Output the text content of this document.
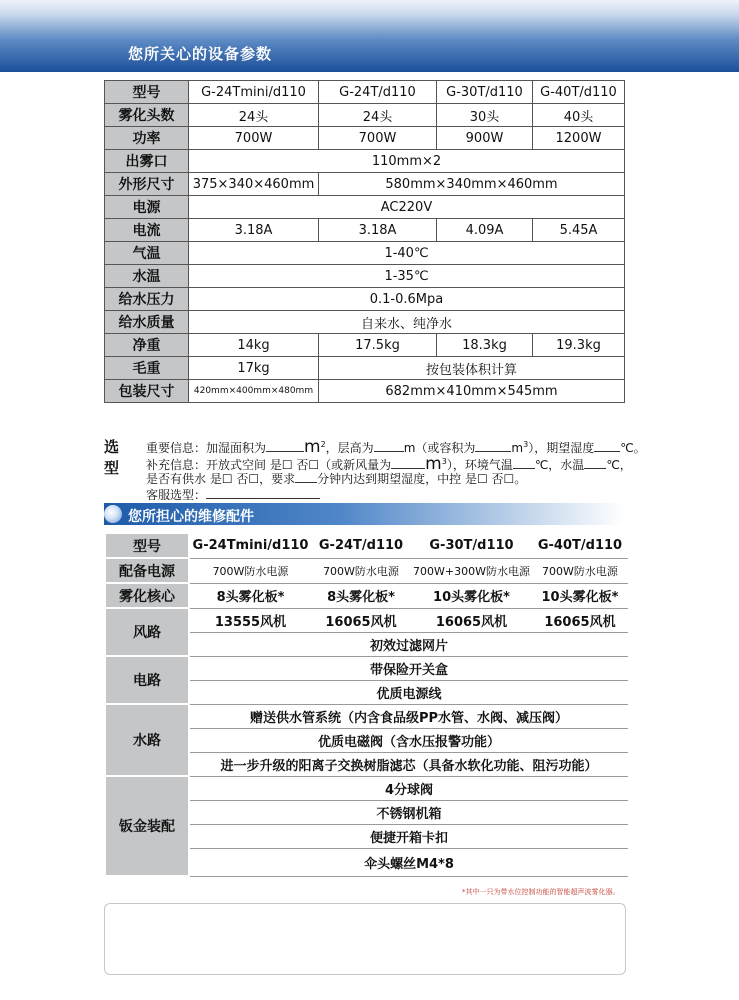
您所关心的设备参数
型号	G-24Tmini/d110	G-24T/d110	G-30T/d110	G-40T/d110
雾化头数	24头	24头	30头	40头
功率	700W	700W	900W	1200W
出雾口	110mm×2			
外形尺寸	375×340×460mm	580mm×340mm×460mm		
电源	AC220V			
电流	3.18A	3.18A	4.09A	5.45A
气温	1-40℃			
水温	1-35℃			
给水压力	0.1-0.6Mpa			
给水质量	自来水、纯净水			
净重	14kg	17.5kg	18.3kg	19.3kg
毛重	17kg	按包装体积计算		
包装尺寸	420mm×400mm×480mm	682mm×410mm×545mm		
选型
重要信息：加湿面积为 $m^2$，层高为	m（或容积为	$m^3$），期望湿度 ℃。
补充信息：开放式空间 是☐ 否☐（或新风量为 $m^3$），环境气温 ℃，水温 ℃，
是否有供水 是☐ 否☐，要求 分钟内达到期望湿度，中控 是☐ 否☐。
客服选型：
您所担心的维修配件
型号	G-24Tmini/d110	G-24T/d110	G-30T/d110	G-40T/d110
配备电源	700W防水电源	700W防水电源	700W+300W防水电源	700W防水电源
雾化核心	8头雾化板*	8头雾化板*	10头雾化板*	10头雾化板*
风路	13555风机	16065风机	16065风机	16065风机
	初效过滤网片			
电路	带保险开关盒			
	优质电源线			
水路	赠送供水管系统（内含食品级PP水管、水阀、减压阀）			
	优质电磁阀（含水压报警功能）			
	进一步升级的阳离子交换树脂滤芯（具备水软化功能、阻污功能）			
钣金装配	4分球阀			
	不锈钢机箱			
	便捷开箱卡扣			
	伞头螺丝M4*8			
*其中一只为带水位控制功能的智能超声波雾化器。
